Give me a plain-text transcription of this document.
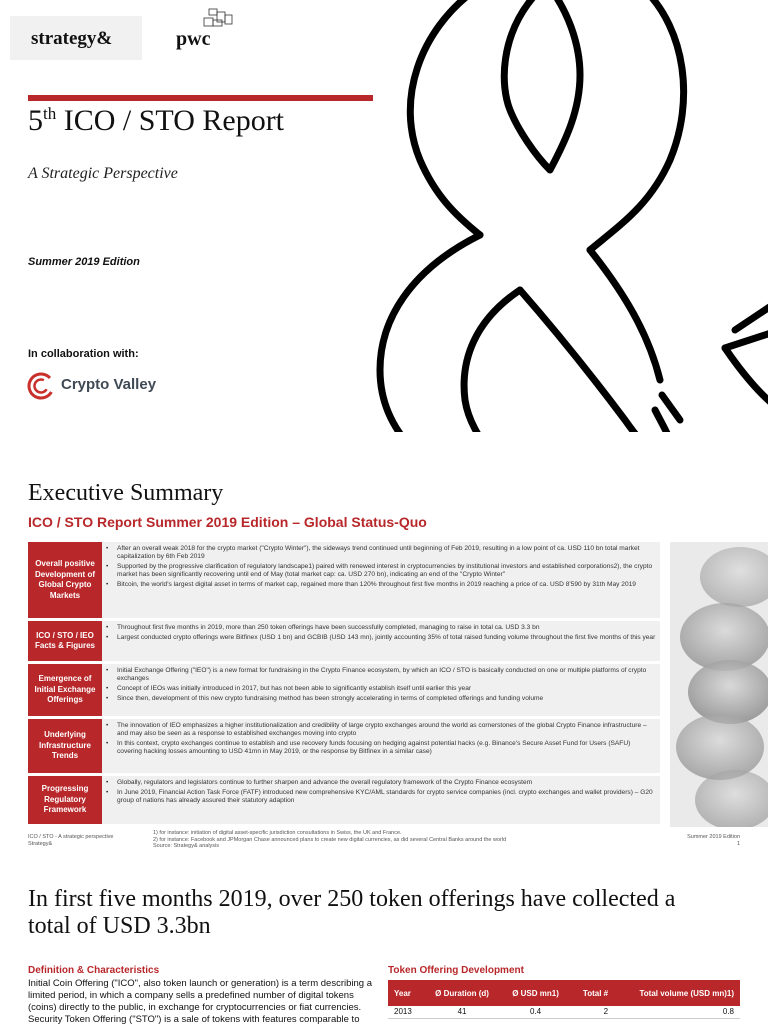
strategy&	pwc
5th ICO / STO Report
A Strategic Perspective
Summer 2019 Edition
In collaboration with:
Crypto Valley
Executive Summary
ICO / STO Report Summer 2019 Edition – Global Status-Quo
Overall positive Development of Global Crypto Markets
• After an overall weak 2018 for the crypto market ("Crypto Winter"), the sideways trend continued until beginning of Feb 2019, resulting in a low point of ca. USD 110 bn total market capitalization by 6th Feb 2019
• Supported by the progressive clarification of regulatory landscape1) paired with renewed interest in cryptocurrencies by institutional investors and established corporations2), the crypto market has been significantly recovering until end of May (total market cap: ca. USD 270 bn), indicating an end of the "Crypto Winter"
• Bitcoin, the world's largest digital asset in terms of market cap, regained more than 120% throughout first five months in 2019 reaching a price of ca. USD 8'590 by 31th May 2019
ICO / STO / IEO Facts & Figures
• Throughout first five months in 2019, more than 250 token offerings have been successfully completed, managing to raise in total ca. USD 3.3 bn
• Largest conducted crypto offerings were Bitfinex (USD 1 bn) and GCBIB (USD 143 mn), jointly accounting 35% of total raised funding volume throughout the first five months of this year
Emergence of Initial Exchange Offerings
• Initial Exchange Offering ("IEO") is a new format for fundraising in the Crypto Finance ecosystem, by which an ICO / STO is basically conducted on one or multiple platforms of crypto exchanges
• Concept of IEOs was initially introduced in 2017, but has not been able to significantly establish itself until earlier this year
• Since then, development of this new crypto fundraising method has been strongly accelerating in terms of completed offerings and funding volume
Underlying Infrastructure Trends
• The innovation of IEO emphasizes a higher institutionalization and credibility of large crypto exchanges around the world as cornerstones of the global Crypto Finance infrastructure – and may also be seen as a response to established exchanges moving into crypto
• In this context, crypto exchanges continue to establish and use recovery funds focusing on hedging against potential hacks (e.g. Binance's Secure Asset Fund for Users (SAFU) covering hacking losses amounting to USD 41mn in May 2019, or the response by Bitfinex in a similar case)
Progressing Regulatory Framework
• Globally, regulators and legislators continue to further sharpen and advance the overall regulatory framework of the Crypto Finance ecosystem
• In June 2019, Financial Action Task Force (FATF) introduced new comprehensive KYC/AML standards for crypto service companies (incl. crypto exchanges and wallet providers) – G20 group of nations has already assured their statutory adaption
ICO / STO - A strategic perspective
Strategy&
1) for instance: initiation of digital asset-specific jurisdiction consultations in Swiss, the UK and France.
2) for instance: Facebook and JPMorgan Chase announced plans to create new digital currencies, as did several Central Banks around the world
Source: Strategy& analysis
Summer 2019 Edition
1
In first five months 2019, over 250 token offerings have collected a total of USD 3.3bn
Definition & Characteristics	Token Offering Development
Initial Coin Offering ("ICO", also token launch or generation) is a term describing a limited period, in which a company sells a predefined number of digital tokens (coins) directly to the public, in exchange for cryptocurrencies or fiat currencies. Security Token Offering ("STO") is a sale of tokens with features comparable to
Year	Ø Duration (d)	Ø USD mn1)	Total #	Total volume (USD mn)1)
2013	41	0.4	2	0.8
